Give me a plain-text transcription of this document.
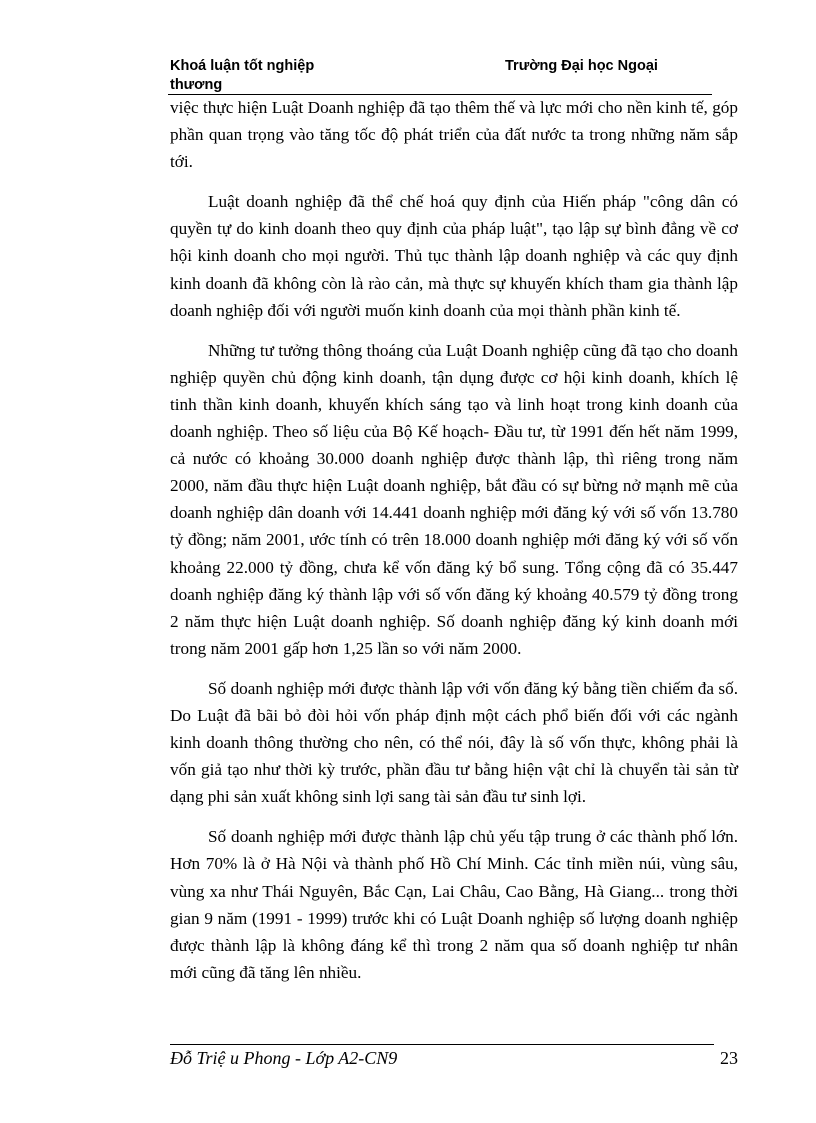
Khoá luận tốt nghiệp thương
Trường Đại học Ngoại

việc thực hiện Luật Doanh nghiệp đã tạo thêm thế và lực mới cho nền kinh tế, góp phần quan trọng vào tăng tốc độ phát triển của đất nước ta trong những năm sắp tới.

Luật doanh nghiệp đã thể chế hoá quy định của Hiến pháp "công dân có quyền tự do kinh doanh theo quy định của pháp luật", tạo lập sự bình đẳng về cơ hội kinh doanh cho mọi người. Thủ tục thành lập doanh nghiệp và các quy định kinh doanh đã không còn là rào cản, mà thực sự khuyến khích tham gia thành lập doanh nghiệp đối với người muốn kinh doanh của mọi thành phần kinh tế.

Những tư tưởng thông thoáng của Luật Doanh nghiệp cũng đã tạo cho doanh nghiệp quyền chủ động kinh doanh, tận dụng được cơ hội kinh doanh, khích lệ tinh thần kinh doanh, khuyến khích sáng tạo và linh hoạt trong kinh doanh của doanh nghiệp. Theo số liệu của Bộ Kế hoạch- Đầu tư, từ 1991 đến hết năm 1999, cả nước có khoảng 30.000 doanh nghiệp được thành lập, thì riêng trong năm 2000, năm đầu thực hiện Luật doanh nghiệp, bắt đầu có sự bừng nở mạnh mẽ của doanh nghiệp dân doanh với 14.441 doanh nghiệp mới đăng ký với số vốn 13.780 tỷ đồng; năm 2001, ước tính có trên 18.000 doanh nghiệp mới đăng ký với số vốn khoảng 22.000 tỷ đồng, chưa kể vốn đăng ký bổ sung. Tổng cộng đã có 35.447 doanh nghiệp đăng ký thành lập với số vốn đăng ký khoảng 40.579 tỷ đồng trong 2 năm thực hiện Luật doanh nghiệp. Số doanh nghiệp đăng ký kinh doanh mới trong năm 2001 gấp hơn 1,25 lần so với năm 2000.

Số doanh nghiệp mới được thành lập với vốn đăng ký bằng tiền chiếm đa số. Do Luật đã bãi bỏ đòi hỏi vốn pháp định một cách phổ biến đối với các ngành kinh doanh thông thường cho nên, có thể nói, đây là số vốn thực, không phải là vốn giả tạo như thời kỳ trước, phần đầu tư bằng hiện vật chỉ là chuyển tài sản từ dạng phi sản xuất không sinh lợi sang tài sản đầu tư sinh lợi.

Số doanh nghiệp mới được thành lập chủ yếu tập trung ở các thành phố lớn. Hơn 70% là ở Hà Nội và thành phố Hồ Chí Minh. Các tỉnh miền núi, vùng sâu, vùng xa như Thái Nguyên, Bắc Cạn, Lai Châu, Cao Bằng, Hà Giang... trong thời gian 9 năm (1991 - 1999) trước khi có Luật Doanh nghiệp số lượng doanh nghiệp được thành lập là không đáng kể thì trong 2 năm qua số doanh nghiệp tư nhân mới cũng đã tăng lên nhiều.

Đỗ Triệ u Phong - Lớp A2-CN9	23
